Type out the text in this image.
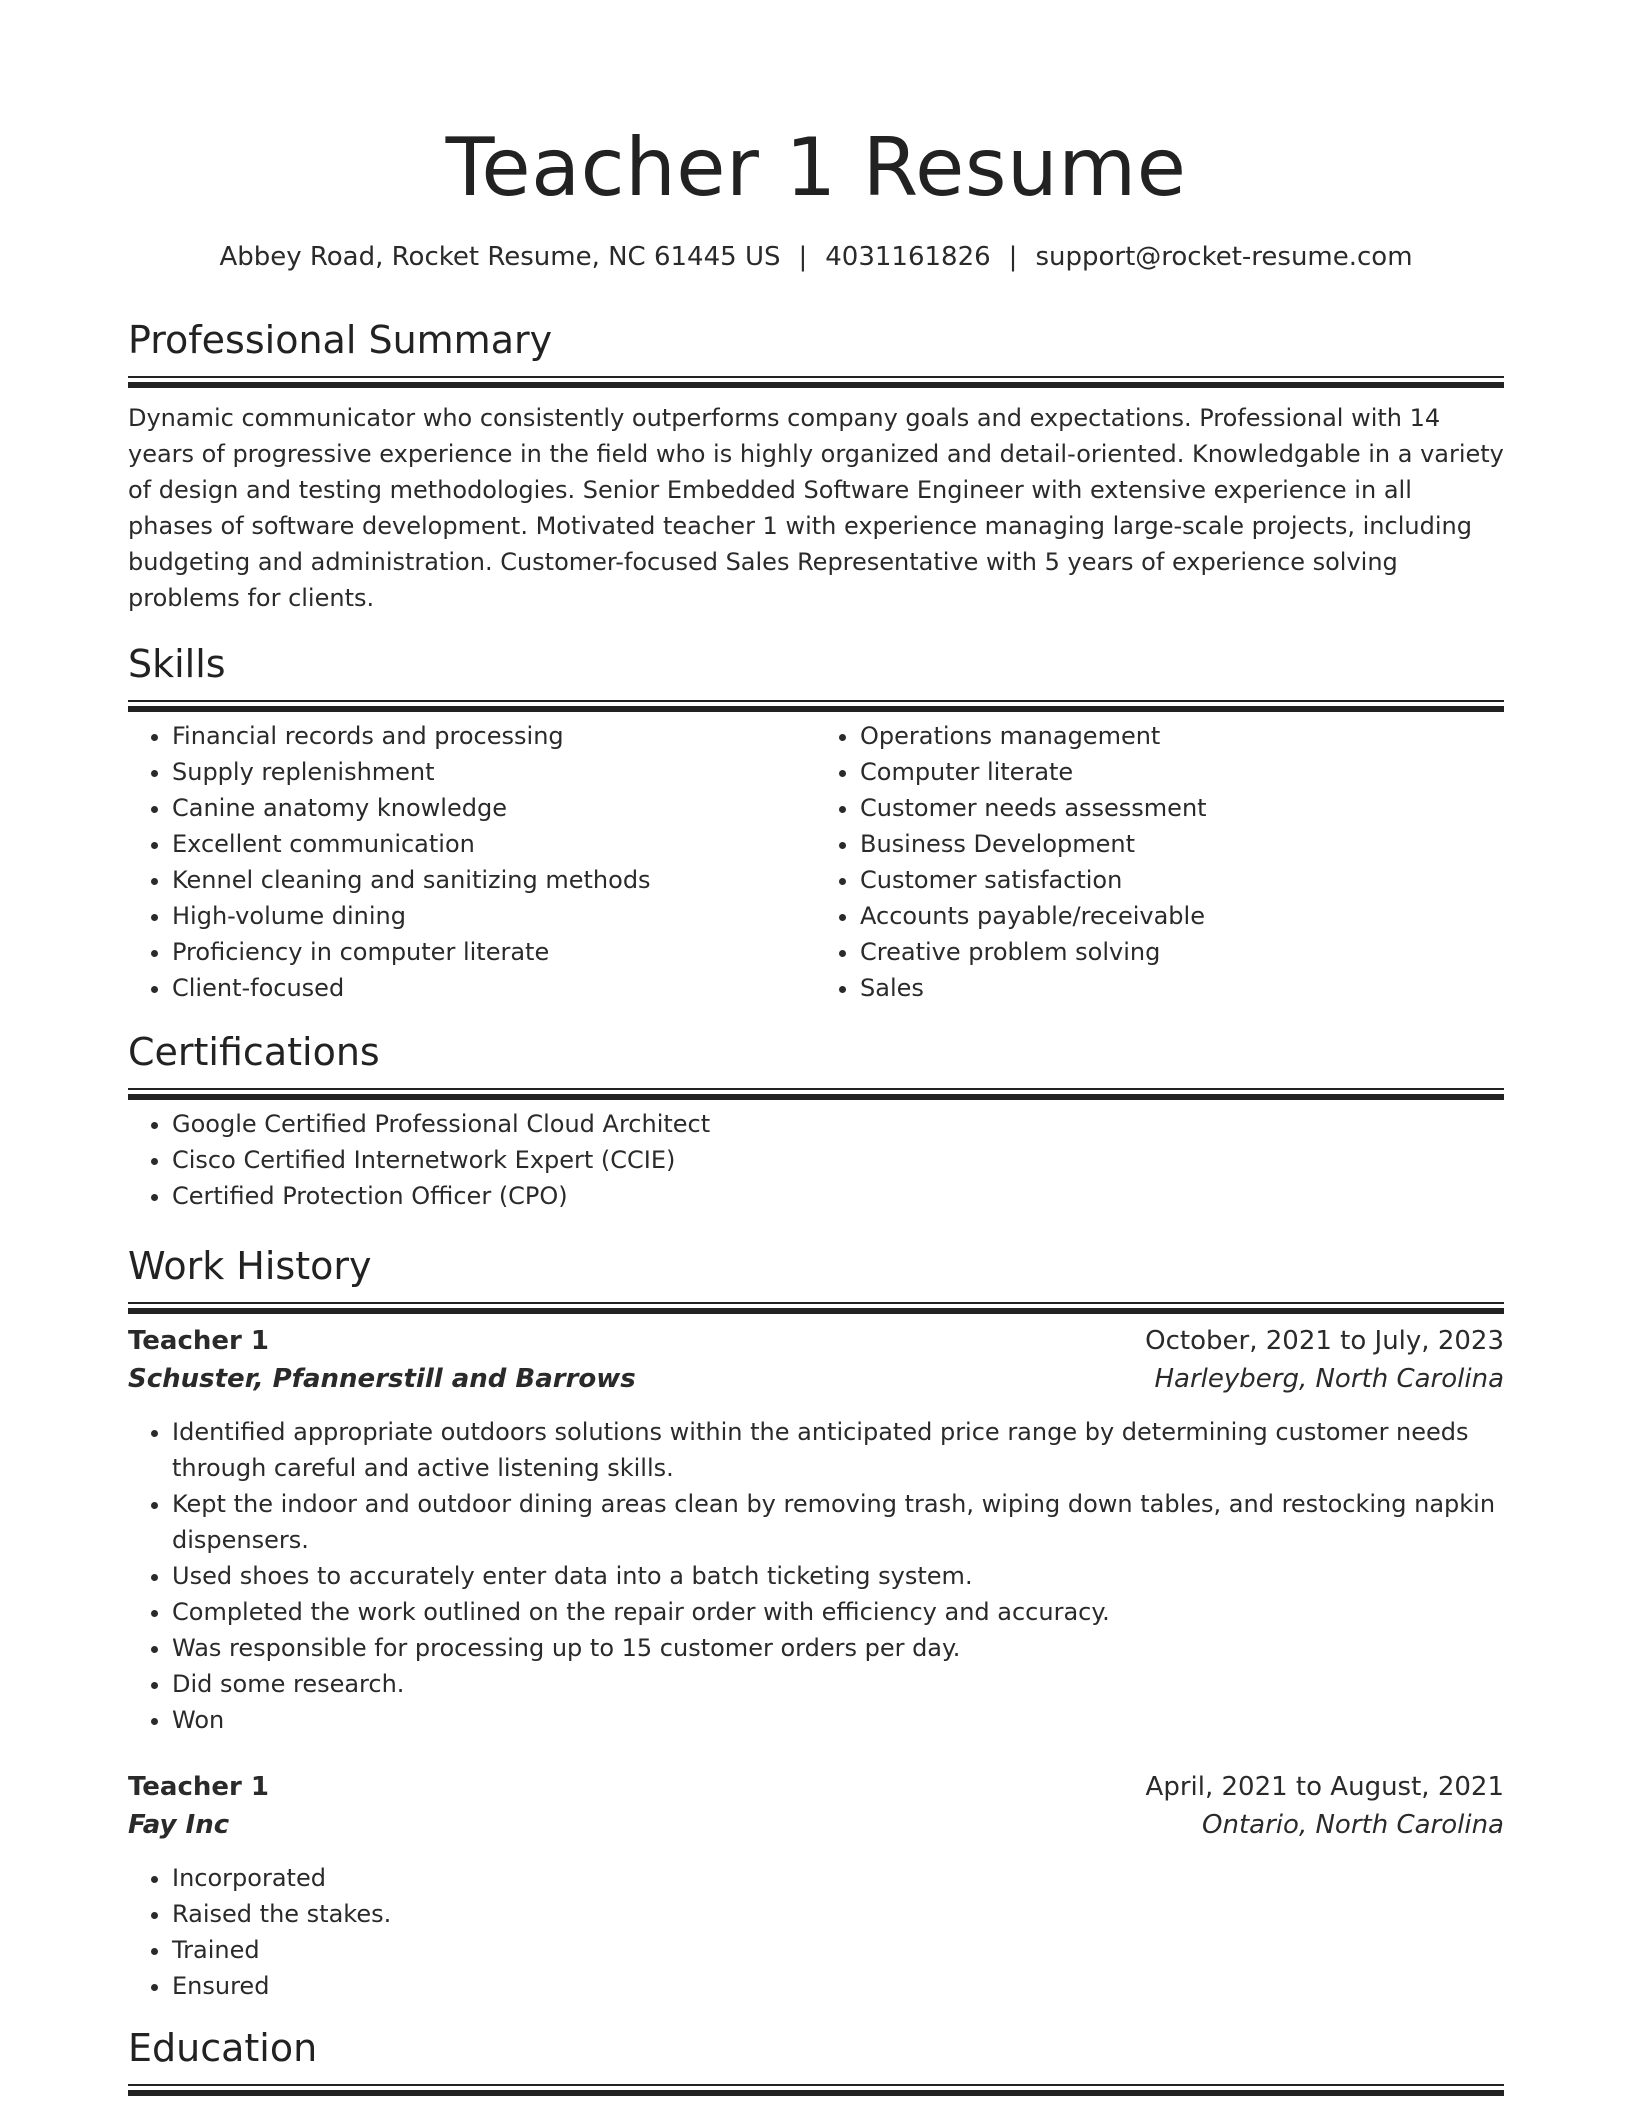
Teacher 1 Resume
Abbey Road, Rocket Resume, NC 61445 US | 4031161826 | support@rocket-resume.com
Professional Summary

Dynamic communicator who consistently outperforms company goals and expectations. Professional with 14 years of progressive experience in the field who is highly organized and detail-oriented. Knowledgable in a variety of design and testing methodologies. Senior Embedded Software Engineer with extensive experience in all phases of software development. Motivated teacher 1 with experience managing large-scale projects, including budgeting and administration. Customer-focused Sales Representative with 5 years of experience solving problems for clients.

Skills
• Financial records and processing
• Supply replenishment
• Canine anatomy knowledge
• Excellent communication
• Kennel cleaning and sanitizing methods
• High-volume dining
• Proficiency in computer literate
• Client-focused
• Operations management
• Computer literate
• Customer needs assessment
• Business Development
• Customer satisfaction
• Accounts payable/receivable
• Creative problem solving
• Sales
Certifications
• Google Certified Professional Cloud Architect
• Cisco Certified Internetwork Expert (CCIE)
• Certified Protection Officer (CPO)
Work History
Teacher 1	October, 2021 to July, 2023
Schuster, Pfannerstill and Barrows	Harleyberg, North Carolina
• Identified appropriate outdoors solutions within the anticipated price range by determining customer needs through careful and active listening skills.
• Kept the indoor and outdoor dining areas clean by removing trash, wiping down tables, and restocking napkin dispensers.
• Used shoes to accurately enter data into a batch ticketing system.
• Completed the work outlined on the repair order with efficiency and accuracy.
• Was responsible for processing up to 15 customer orders per day.
• Did some research.
• Won
Teacher 1	April, 2021 to August, 2021
Fay Inc	Ontario, North Carolina
• Incorporated
• Raised the stakes.
• Trained
• Ensured
Education
